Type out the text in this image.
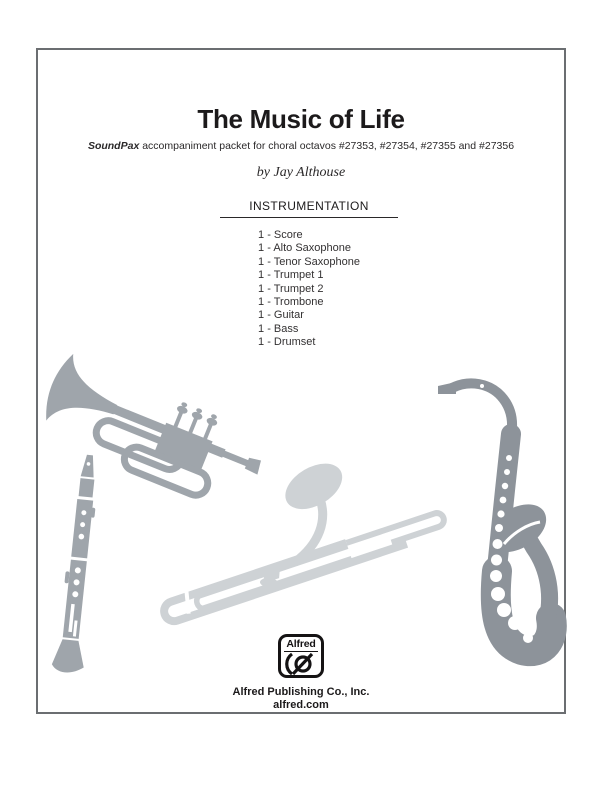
The Music of Life
SoundPax accompaniment packet for choral octavos #27353, #27354, #27355 and #27356
by Jay Althouse
INSTRUMENTATION

1 - Score
1 - Alto Saxophone
1 - Tenor Saxophone
1 - Trumpet 1
1 - Trumpet 2
1 - Trombone
1 - Guitar
1 - Bass
1 - Drumset
Alfred
Alfred Publishing Co., Inc.
alfred.com
